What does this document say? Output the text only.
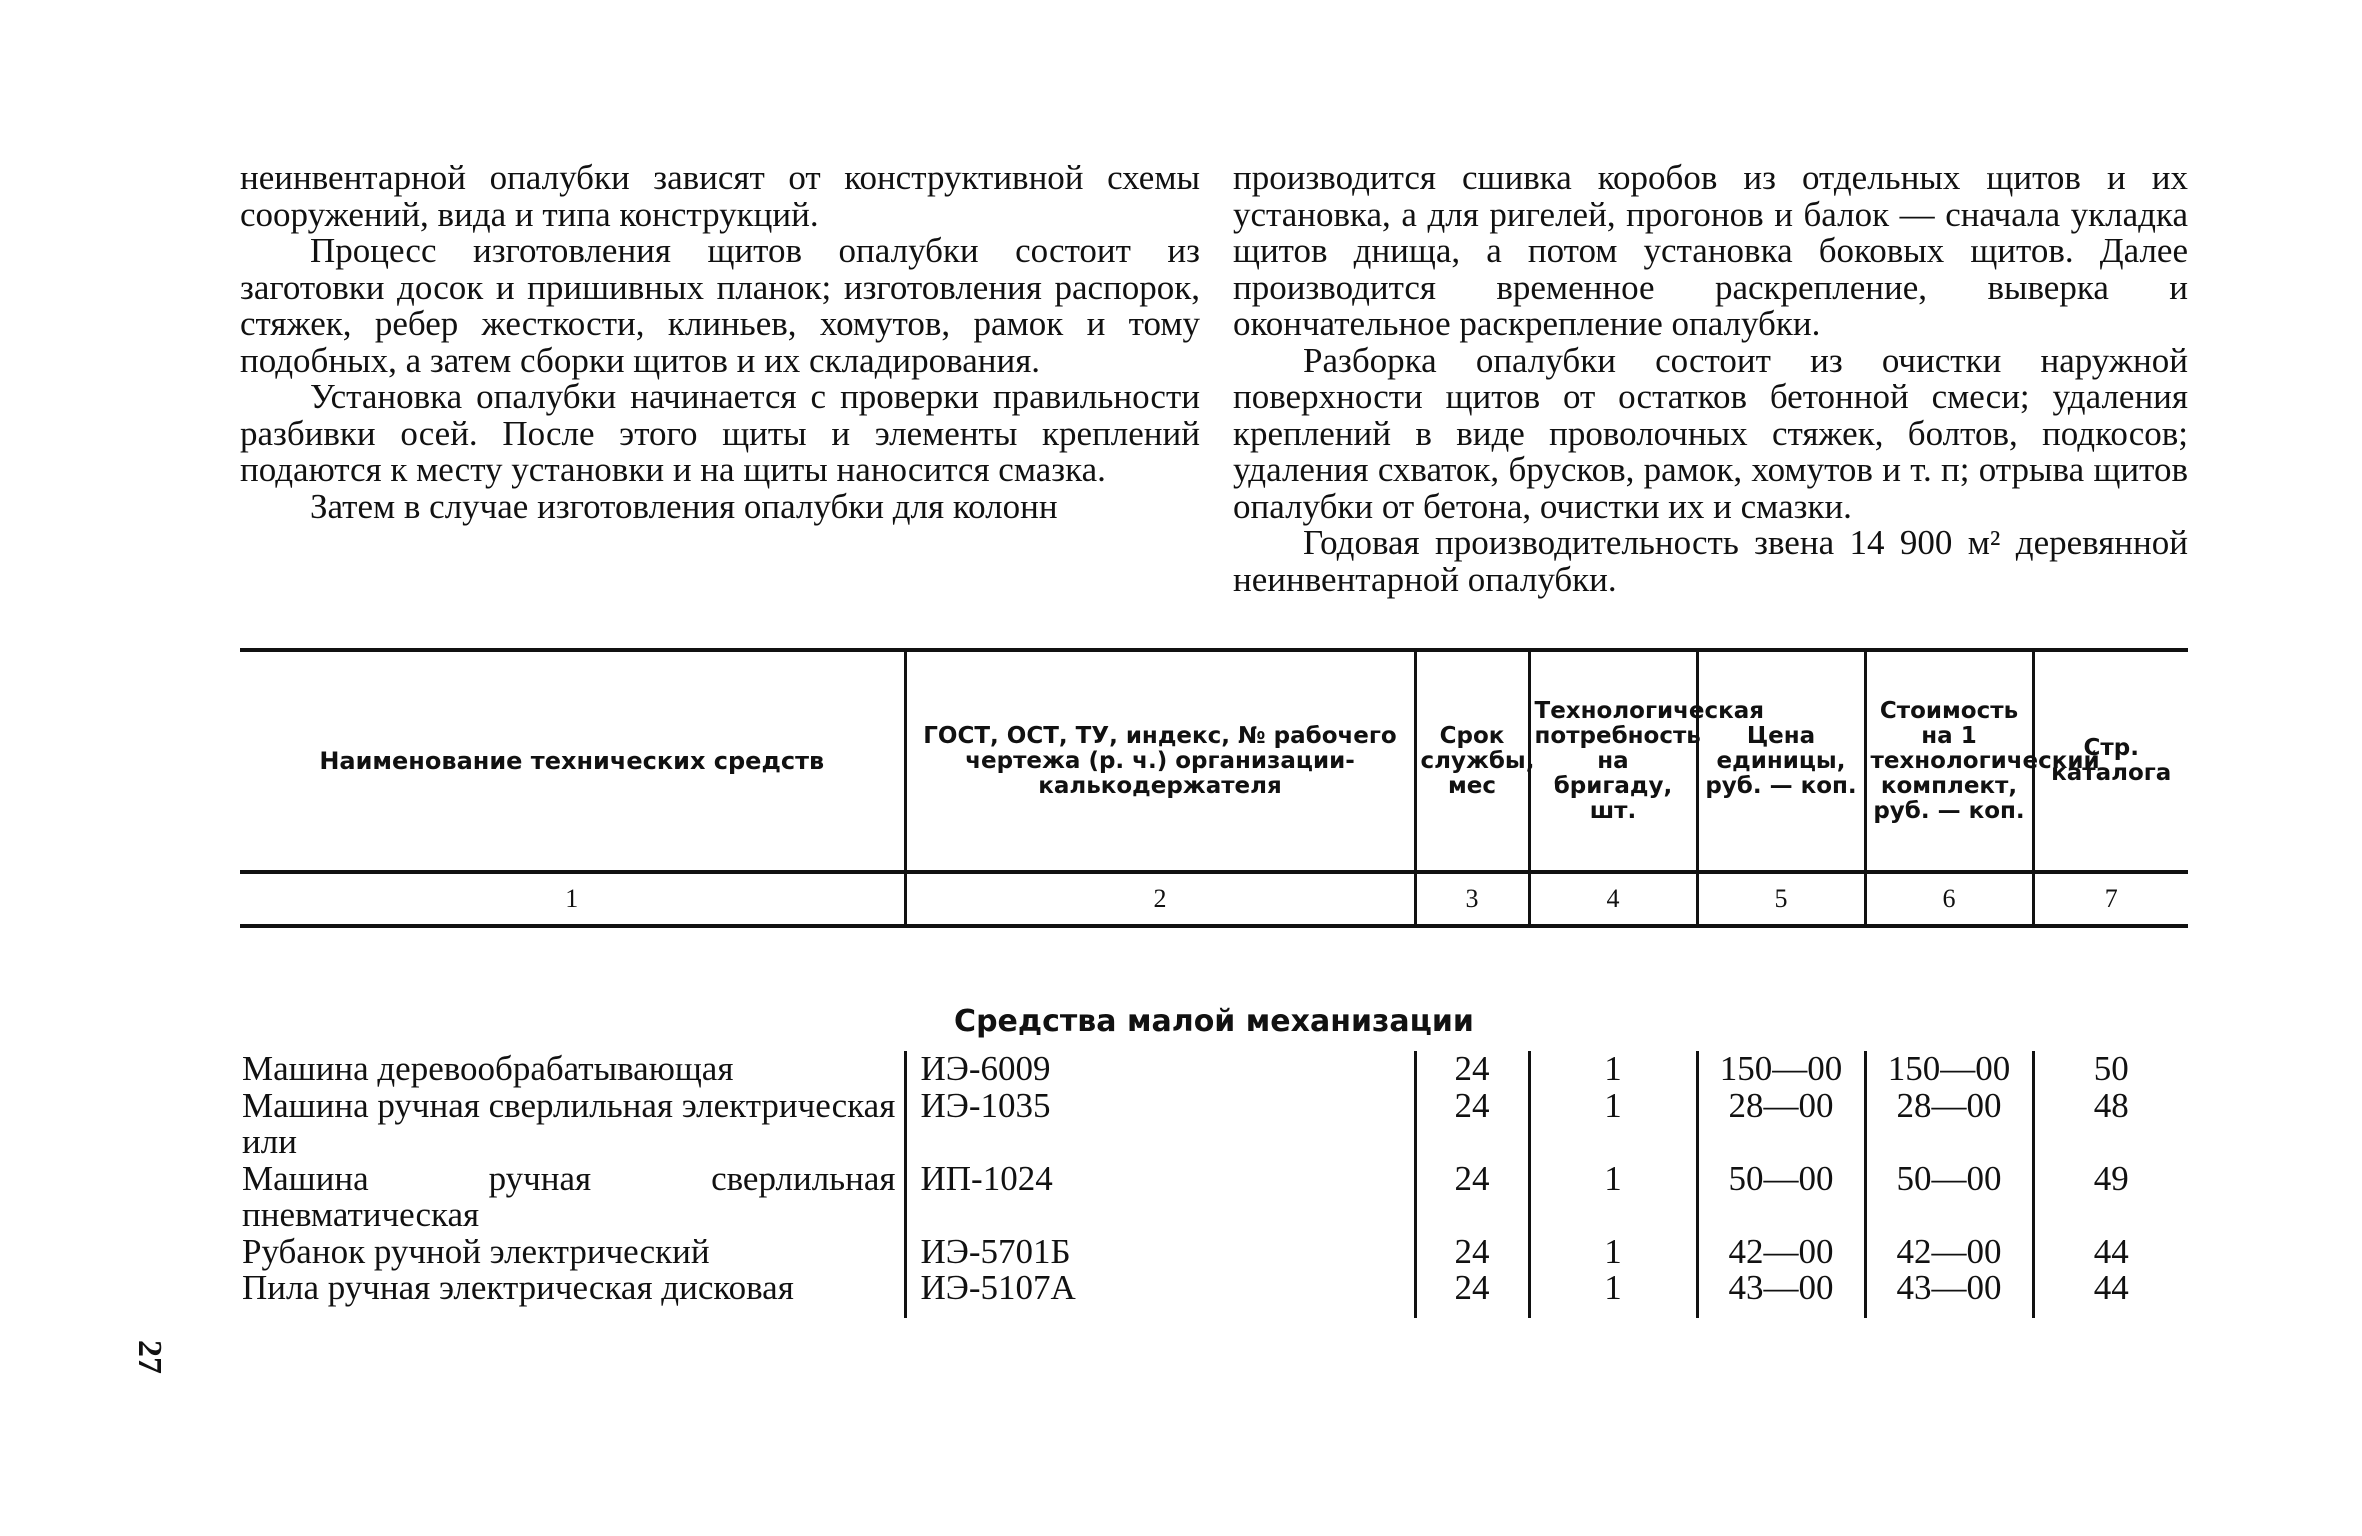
27

неинвентарной опалубки зависят от конструктивной схемы сооружений, вида и типа конструкций.

Процесс изготовления щитов опалубки состоит из заготовки досок и пришивных планок; изготовления распорок, стяжек, ребер жесткости, клиньев, хомутов, рамок и тому подобных, а затем сборки щитов и их складирования.

Установка опалубки начинается с проверки правильности разбивки осей. После этого щиты и элементы креплений подаются к месту установки и на щиты наносится смазка.

Затем в случае изготовления опалубки для колонн

производится сшивка коробов из отдельных щитов и их установка, а для ригелей, прогонов и балок — сначала укладка щитов днища, а потом установка боковых щитов. Далее производится временное раскрепление, выверка и окончательное раскрепление опалубки.

Разборка опалубки состоит из очистки наружной поверхности щитов от остатков бетонной смеси; удаления креплений в виде проволочных стяжек, болтов, подкосов; удаления схваток, брусков, рамок, хомутов и т. п; отрыва щитов опалубки от бетона, очистки их и смазки.

Годовая производительность звена 14 900 м² деревянной неинвентарной опалубки.

Наименование технических средств	ГОСТ, ОСТ, ТУ, индекс, № рабочего чертежа (р. ч.) организации-калькодержателя	Срок службы, мес	Технологическая потребность на бригаду, шт.	Цена единицы, руб. — коп.	Стоимость на 1 технологический комплект, руб. — коп.	Стр. каталога
1	2	3	4	5	6	7
Средства малой механизации						
Машина деревообрабатывающая	ИЭ-6009	24	1	150—00	150—00	50
Машина ручная сверлильная электрическая	ИЭ-1035	24	1	28—00	28—00	48
или						
Машина ручная сверлильная пневматическая	ИП-1024	24	1	50—00	50—00	49
Рубанок ручной электрический	ИЭ-5701Б	24	1	42—00	42—00	44
Пила ручная электрическая дисковая	ИЭ-5107А	24	1	43—00	43—00	44
